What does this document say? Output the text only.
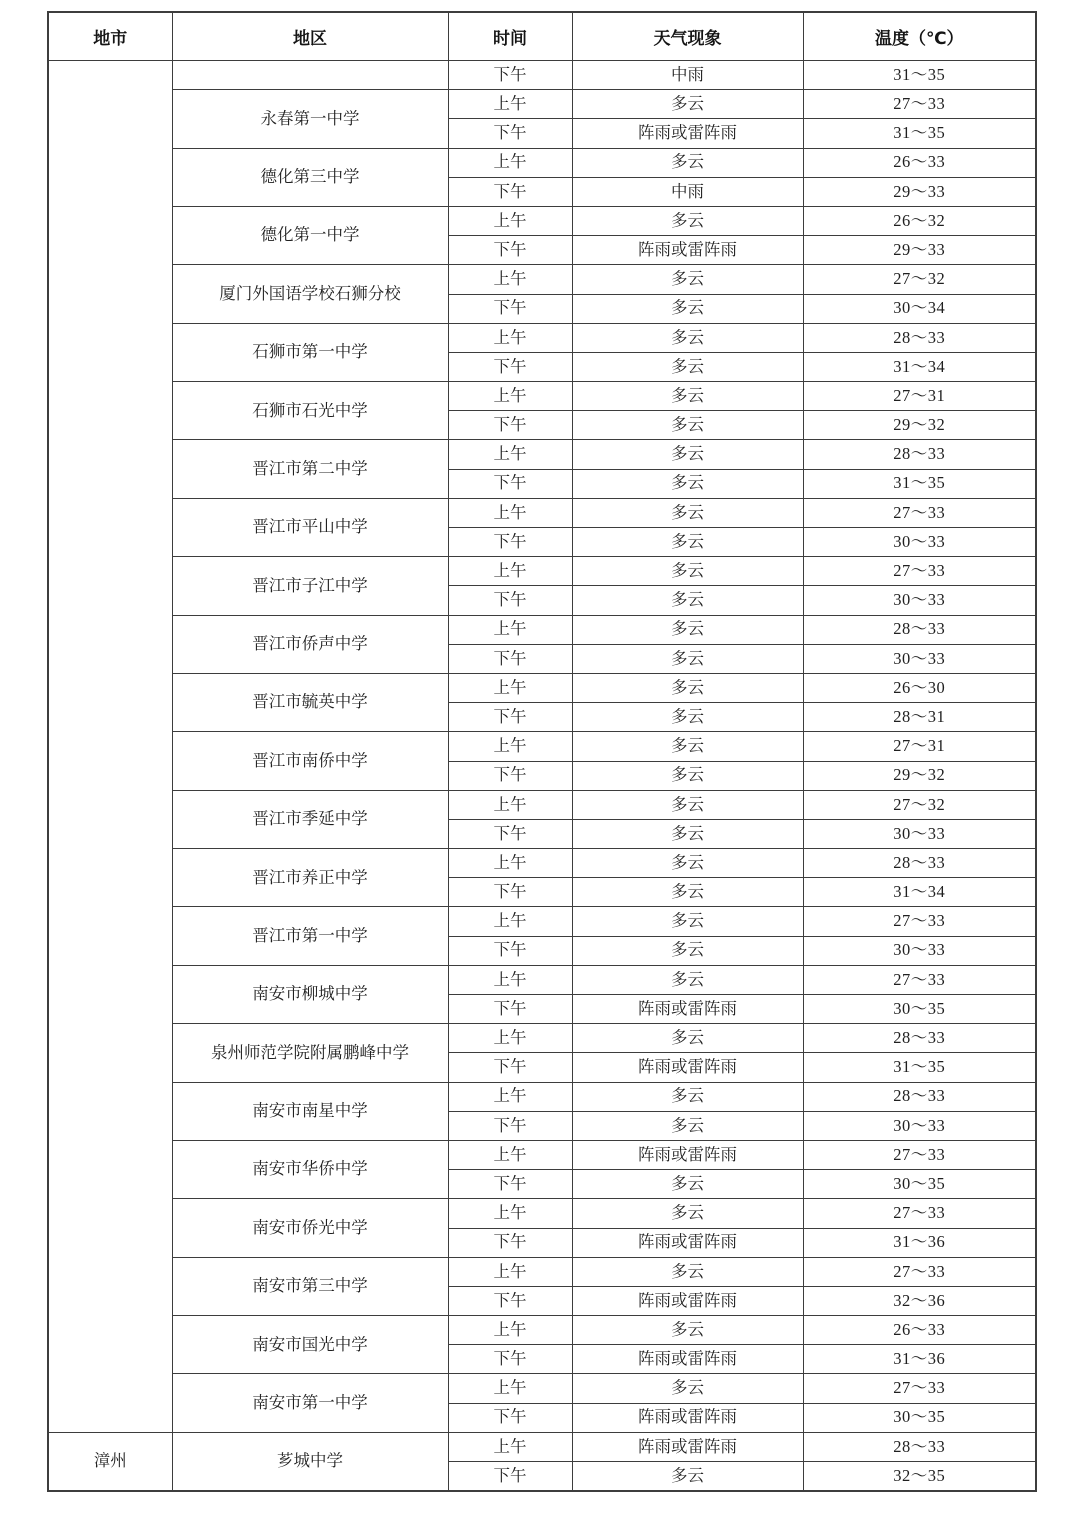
地市	地区	时间	天气现象	温度（℃）
		下午	中雨	31～35
	永春第一中学	上午	多云	27～33
		下午	阵雨或雷阵雨	31～35
	德化第三中学	上午	多云	26～33
		下午	中雨	29～33
	德化第一中学	上午	多云	26～32
		下午	阵雨或雷阵雨	29～33
	厦门外国语学校石狮分校	上午	多云	27～32
		下午	多云	30～34
	石狮市第一中学	上午	多云	28～33
		下午	多云	31～34
	石狮市石光中学	上午	多云	27～31
		下午	多云	29～32
	晋江市第二中学	上午	多云	28～33
		下午	多云	31～35
	晋江市平山中学	上午	多云	27～33
		下午	多云	30～33
	晋江市子江中学	上午	多云	27～33
		下午	多云	30～33
	晋江市侨声中学	上午	多云	28～33
		下午	多云	30～33
	晋江市毓英中学	上午	多云	26～30
		下午	多云	28～31
	晋江市南侨中学	上午	多云	27～31
		下午	多云	29～32
	晋江市季延中学	上午	多云	27～32
		下午	多云	30～33
	晋江市养正中学	上午	多云	28～33
		下午	多云	31～34
	晋江市第一中学	上午	多云	27～33
		下午	多云	30～33
	南安市柳城中学	上午	多云	27～33
		下午	阵雨或雷阵雨	30～35
	泉州师范学院附属鹏峰中学	上午	多云	28～33
		下午	阵雨或雷阵雨	31～35
	南安市南星中学	上午	多云	28～33
		下午	多云	30～33
	南安市华侨中学	上午	阵雨或雷阵雨	27～33
		下午	多云	30～35
	南安市侨光中学	上午	多云	27～33
		下午	阵雨或雷阵雨	31～36
	南安市第三中学	上午	多云	27～33
		下午	阵雨或雷阵雨	32～36
	南安市国光中学	上午	多云	26～33
		下午	阵雨或雷阵雨	31～36
	南安市第一中学	上午	多云	27～33
		下午	阵雨或雷阵雨	30～35
漳州	芗城中学	上午	阵雨或雷阵雨	28～33
		下午	多云	32～35
